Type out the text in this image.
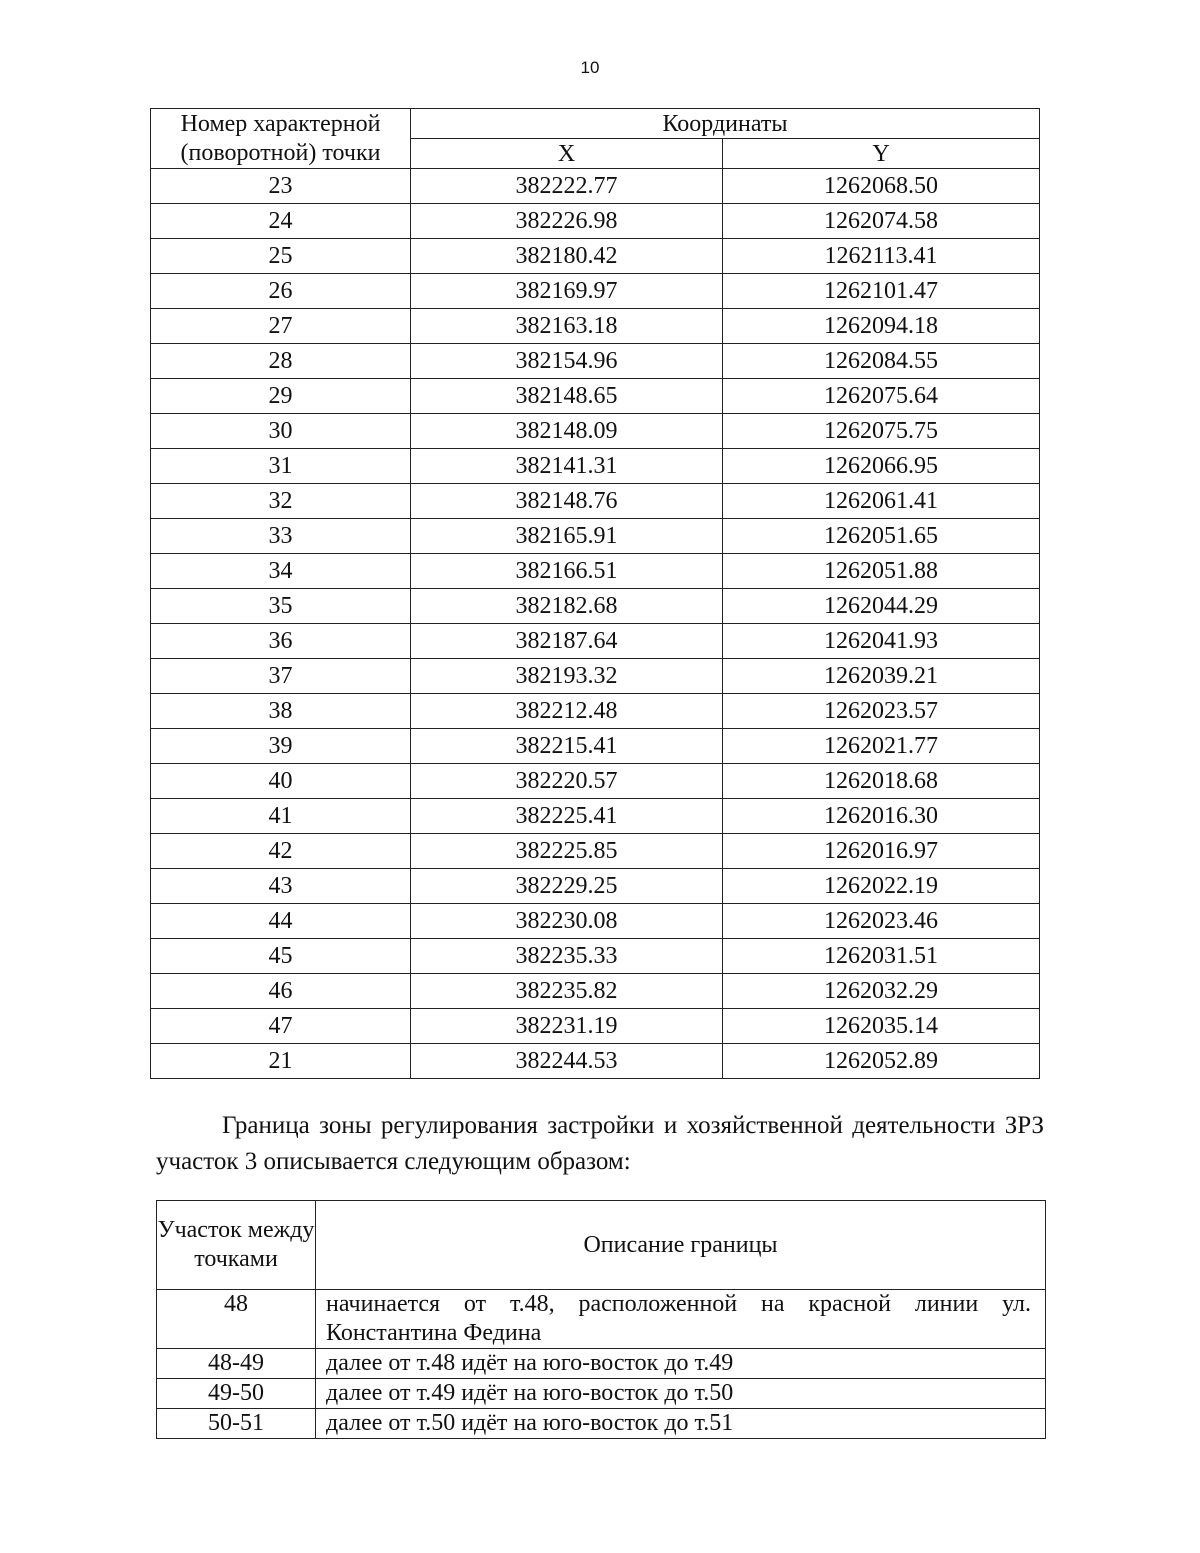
10
Номер характерной (поворотной) точки	Координаты	
	X	Y
23	382222.77	1262068.50
24	382226.98	1262074.58
25	382180.42	1262113.41
26	382169.97	1262101.47
27	382163.18	1262094.18
28	382154.96	1262084.55
29	382148.65	1262075.64
30	382148.09	1262075.75
31	382141.31	1262066.95
32	382148.76	1262061.41
33	382165.91	1262051.65
34	382166.51	1262051.88
35	382182.68	1262044.29
36	382187.64	1262041.93
37	382193.32	1262039.21
38	382212.48	1262023.57
39	382215.41	1262021.77
40	382220.57	1262018.68
41	382225.41	1262016.30
42	382225.85	1262016.97
43	382229.25	1262022.19
44	382230.08	1262023.46
45	382235.33	1262031.51
46	382235.82	1262032.29
47	382231.19	1262035.14
21	382244.53	1262052.89
Граница зоны регулирования застройки и хозяйственной деятельности ЗРЗ участок 3 описывается следующим образом:
Участок между точками	Описание границы
48	начинается от т.48, расположенной на красной линии ул. Константина Федина
48-49	далее от т.48 идёт на юго-восток до т.49
49-50	далее от т.49 идёт на юго-восток до т.50
50-51	далее от т.50 идёт на юго-восток до т.51
